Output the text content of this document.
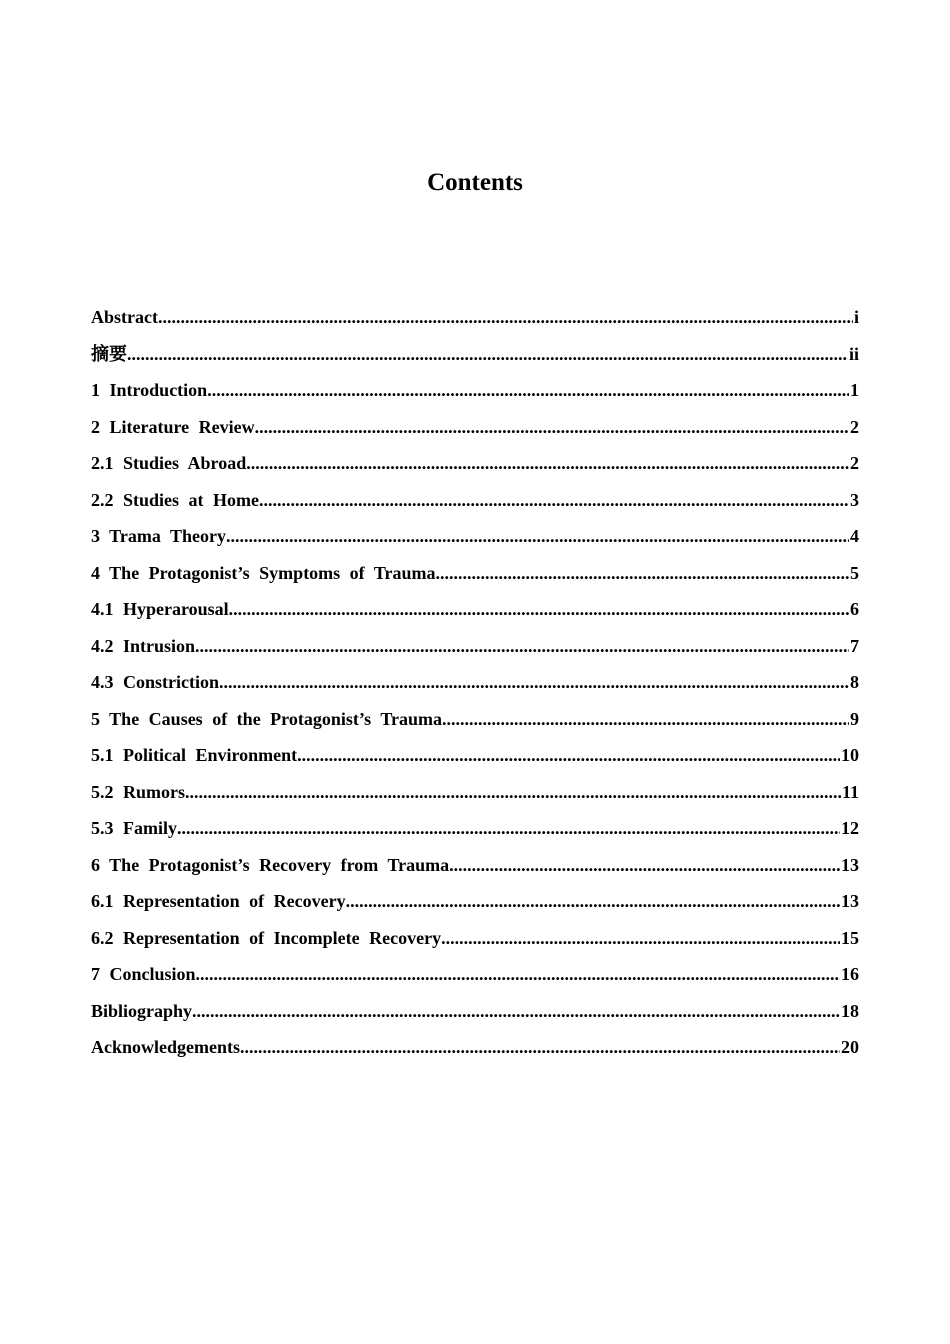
Contents
Abstract .....	i
摘要 .....	ii
1 Introduction .....	1
2 Literature Review .....	2
2.1 Studies Abroad .....	2
2.2 Studies at Home .....	3
3 Trama Theory .....	4
4 The Protagonist’s Symptoms of Trauma .....	5
4.1 Hyperarousal .....	6
4.2 Intrusion .....	7
4.3 Constriction .....	8
5 The Causes of the Protagonist’s Trauma .....	9
5.1 Political Environment .....	10
5.2 Rumors .....	11
5.3 Family .....	12
6 The Protagonist’s Recovery from Trauma .....	13
6.1 Representation of Recovery .....	13
6.2 Representation of Incomplete Recovery .....	15
7 Conclusion .....	16
Bibliography .....	18
Acknowledgements .....	20
